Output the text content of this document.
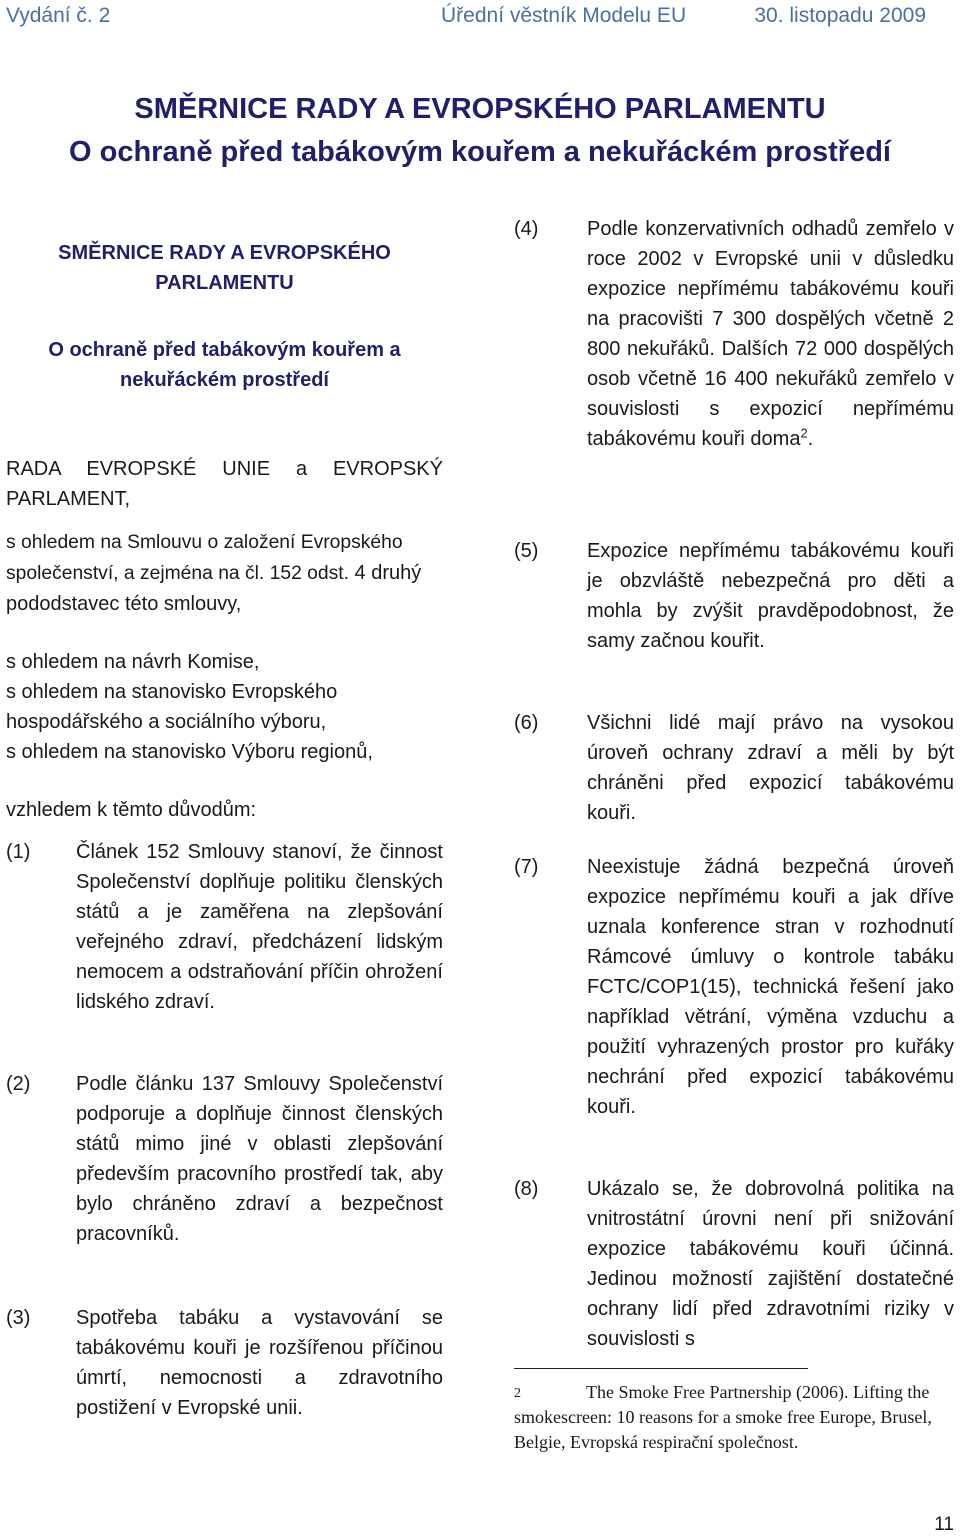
Vydání č. 2	Úřední věstník Modelu EU	30. listopadu 2009
SMĚRNICE RADY A EVROPSKÉHO PARLAMENTU
O ochraně před tabákovým kouřem a nekuřáckém prostředí
SMĚRNICE RADY A EVROPSKÉHO
PARLAMENTU
O ochraně před tabákovým kouřem a
nekuřáckém prostředí
RADA EVROPSKÉ UNIE a EVROPSKÝ PARLAMENT,
s ohledem na Smlouvu o založení Evropského společenství, a zejména na čl. 152 odst. 4 druhý pododstavec této smlouvy,
s ohledem na návrh Komise,
s ohledem na stanovisko Evropského hospodářského a sociálního výboru,
s ohledem na stanovisko Výboru regionů,
vzhledem k těmto důvodům:
(1) Článek 152 Smlouvy stanoví, že činnost Společenství doplňuje politiku členských států a je zaměřena na zlepšování veřejného zdraví, předcházení lidským nemocem a odstraňování příčin ohrožení lidského zdraví.
(2) Podle článku 137 Smlouvy Společenství podporuje a doplňuje činnost členských států mimo jiné v oblasti zlepšování především pracovního prostředí tak, aby bylo chráněno zdraví a bezpečnost pracovníků.
(3) Spotřeba tabáku a vystavování se tabákovému kouři je rozšířenou příčinou úmrtí, nemocnosti a zdravotního postižení v Evropské unii.
(4) Podle konzervativních odhadů zemřelo v roce 2002 v Evropské unii v důsledku expozice nepřímému tabákovému kouři na pracovišti 7 300 dospělých včetně 2 800 nekuřáků. Dalších 72 000 dospělých osob včetně 16 400 nekuřáků zemřelo v souvislosti s expozicí nepřímému tabákovému kouři doma$^2$.
(5) Expozice nepřímému tabákovému kouři je obzvláště nebezpečná pro děti a mohla by zvýšit pravděpodobnost, že samy začnou kouřit.
(6) Všichni lidé mají právo na vysokou úroveň ochrany zdraví a měli by být chráněni před expozicí tabákovému kouři.
(7) Neexistuje žádná bezpečná úroveň expozice nepřímému kouři a jak dříve uznala konference stran v rozhodnutí Rámcové úmluvy o kontrole tabáku FCTC/COP1(15), technická řešení jako například větrání, výměna vzduchu a použití vyhrazených prostor pro kuřáky nechrání před expozicí tabákovému kouři.
(8) Ukázalo se, že dobrovolná politika na vnitrostátní úrovni není při snižování expozice tabákovému kouři účinná. Jedinou možností zajištění dostatečné ochrany lidí před zdravotními riziky v souvislosti s
2	The Smoke Free Partnership (2006). Lifting the smokescreen: 10 reasons for a smoke free Europe, Brusel, Belgie, Evropská respirační společnost.
11
